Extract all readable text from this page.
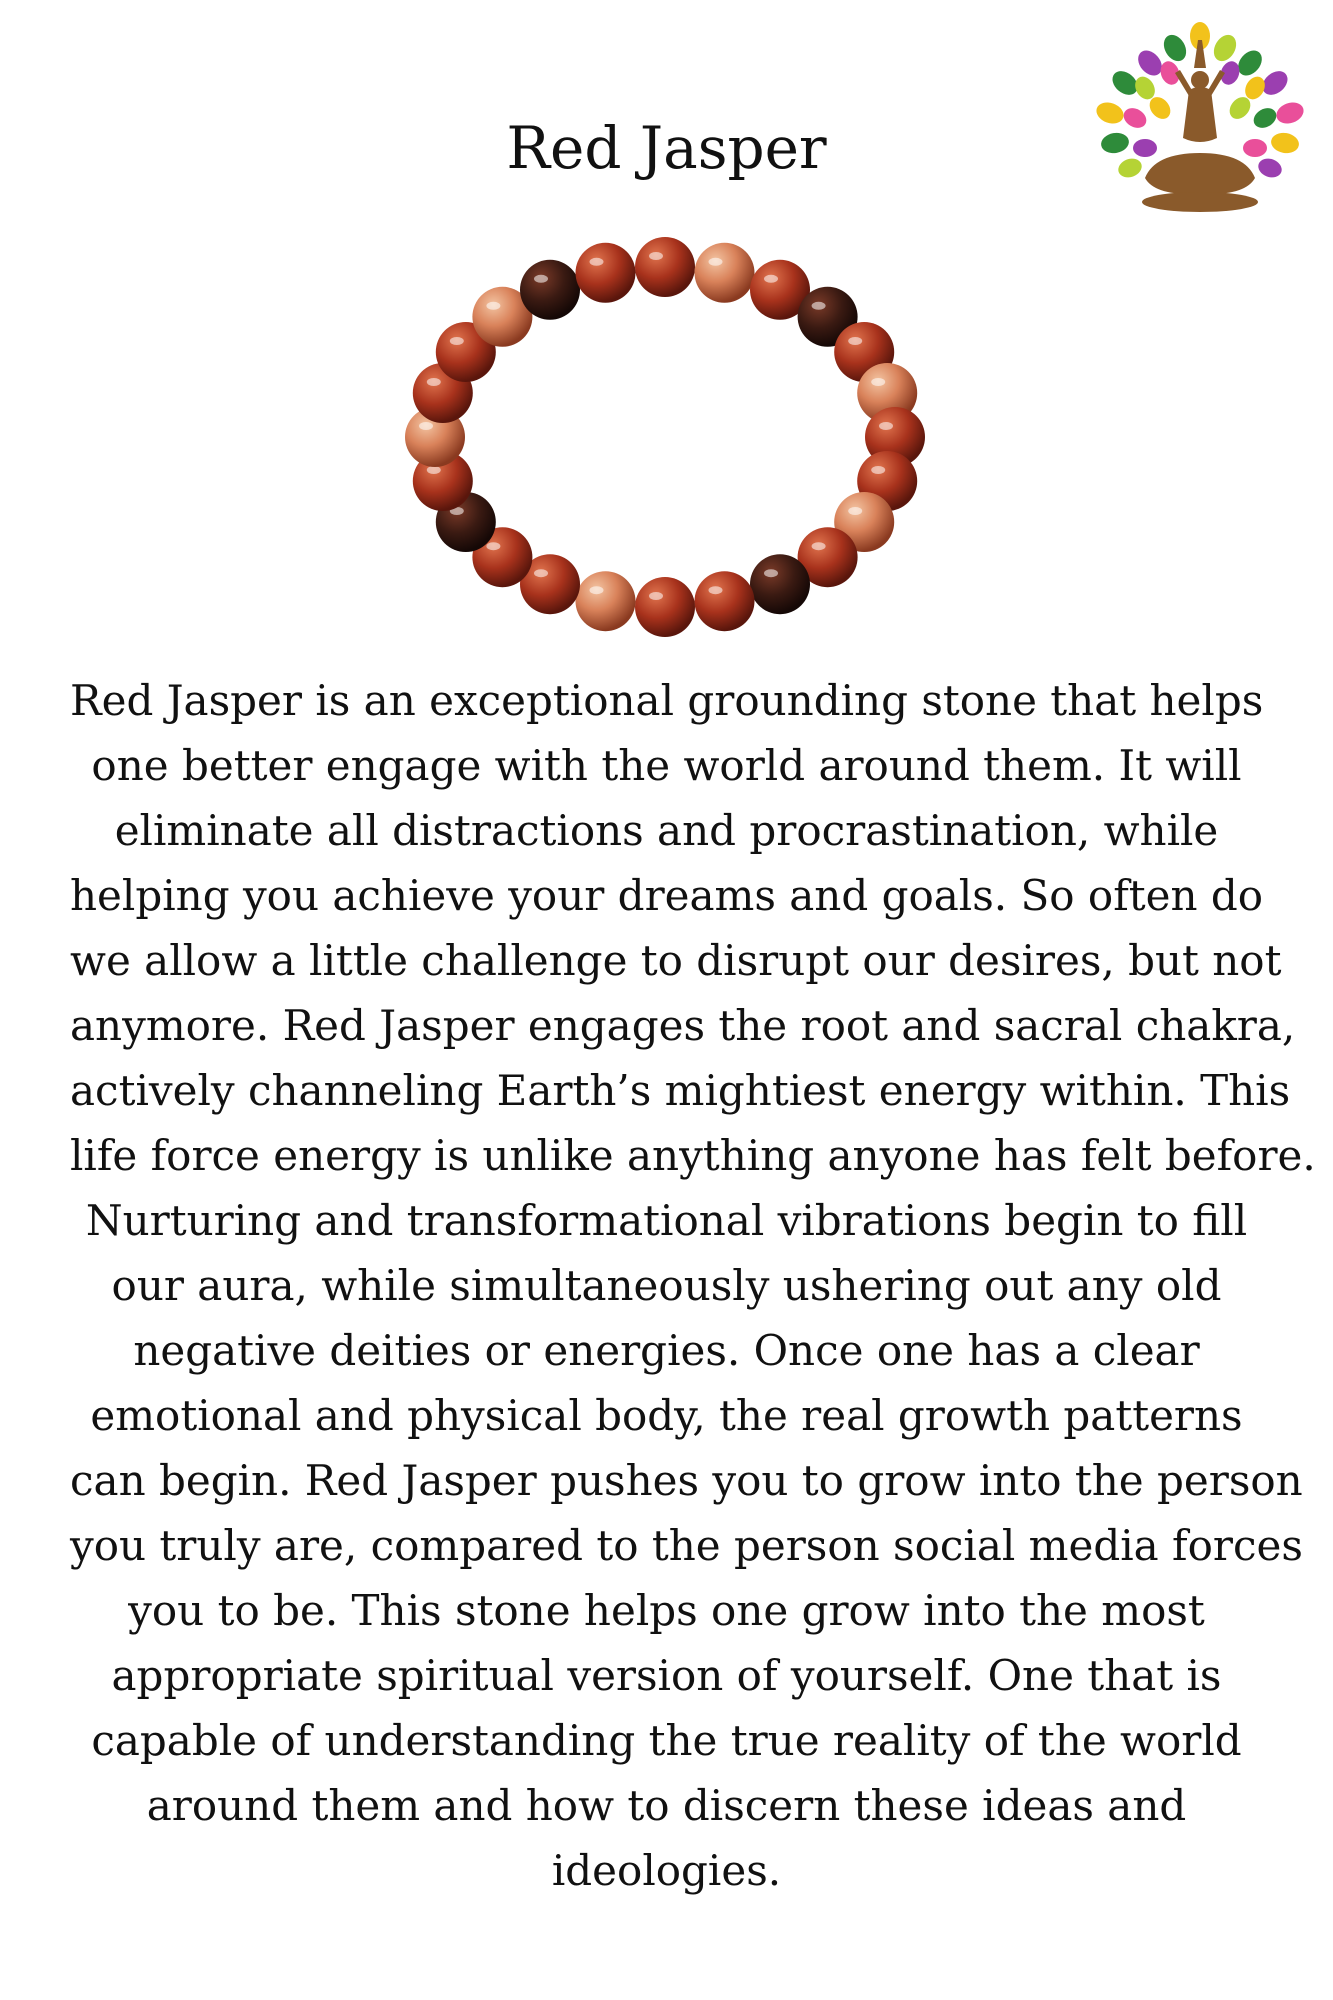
Red Jasper
Red Jasper is an exceptional grounding stone that helps
one better engage with the world around them. It will
eliminate all distractions and procrastination, while
helping you achieve your dreams and goals. So often do
we allow a little challenge to disrupt our desires, but not
anymore. Red Jasper engages the root and sacral chakra,
actively channeling Earth’s mightiest energy within. This
life force energy is unlike anything anyone has felt before.
Nurturing and transformational vibrations begin to fill
our aura, while simultaneously ushering out any old
negative deities or energies. Once one has a clear
emotional and physical body, the real growth patterns
can begin. Red Jasper pushes you to grow into the person
you truly are, compared to the person social media forces
you to be. This stone helps one grow into the most
appropriate spiritual version of yourself. One that is
capable of understanding the true reality of the world
around them and how to discern these ideas and
ideologies.
